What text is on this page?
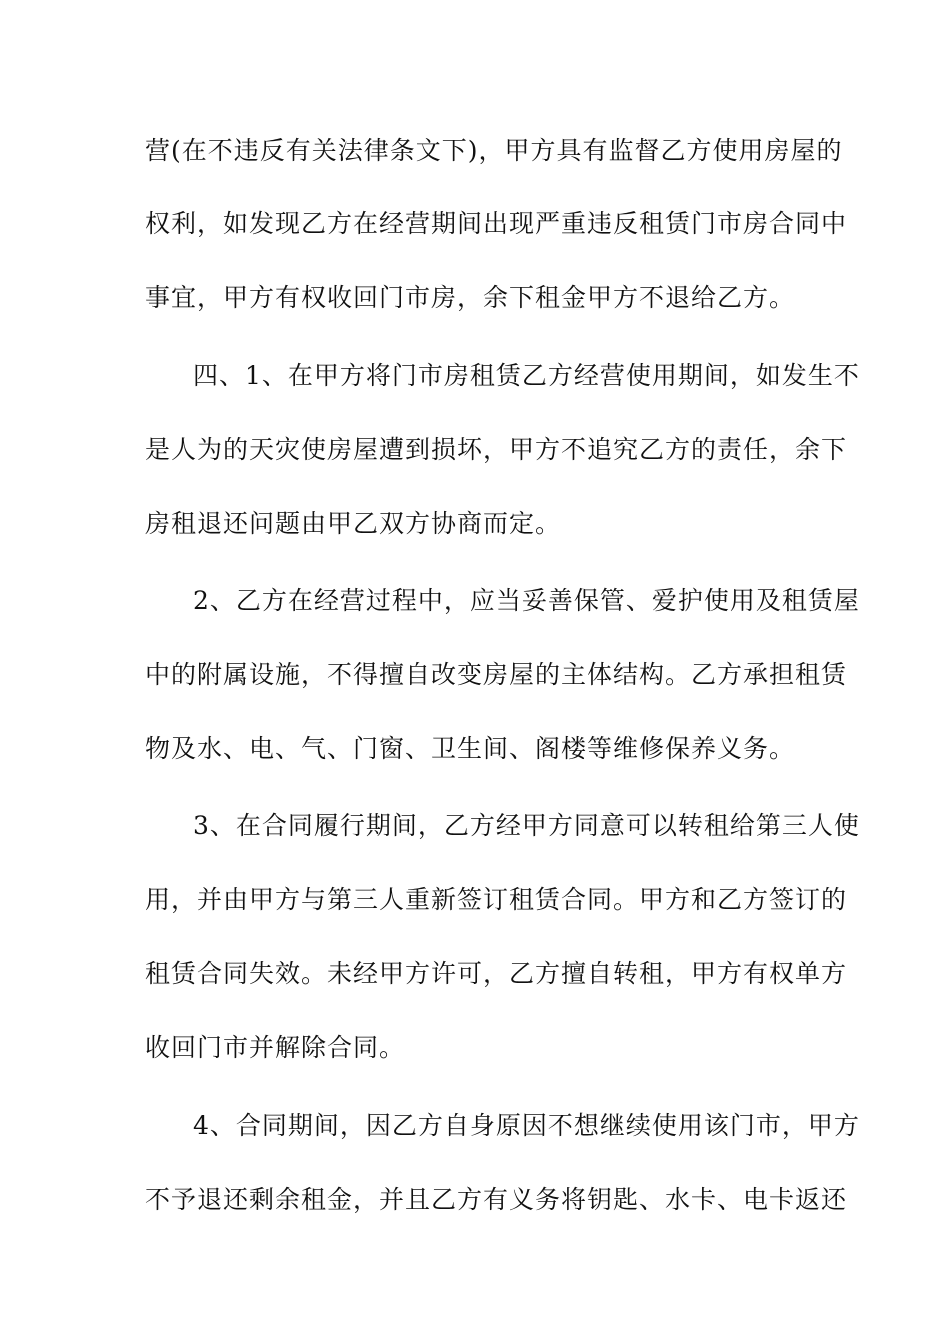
营(在不违反有关法律条文下)，甲方具有监督乙方使用房屋的
权利，如发现乙方在经营期间出现严重违反租赁门市房合同中
事宜，甲方有权收回门市房，余下租金甲方不退给乙方。
四、1、在甲方将门市房租赁乙方经营使用期间，如发生不
是人为的天灾使房屋遭到损坏，甲方不追究乙方的责任，余下
房租退还问题由甲乙双方协商而定。
2、乙方在经营过程中，应当妥善保管、爱护使用及租赁屋
中的附属设施，不得擅自改变房屋的主体结构。乙方承担租赁
物及水、电、气、门窗、卫生间、阁楼等维修保养义务。
3、在合同履行期间，乙方经甲方同意可以转租给第三人使
用，并由甲方与第三人重新签订租赁合同。甲方和乙方签订的
租赁合同失效。未经甲方许可，乙方擅自转租，甲方有权单方
收回门市并解除合同。
4、合同期间，因乙方自身原因不想继续使用该门市，甲方
不予退还剩余租金，并且乙方有义务将钥匙、水卡、电卡返还
